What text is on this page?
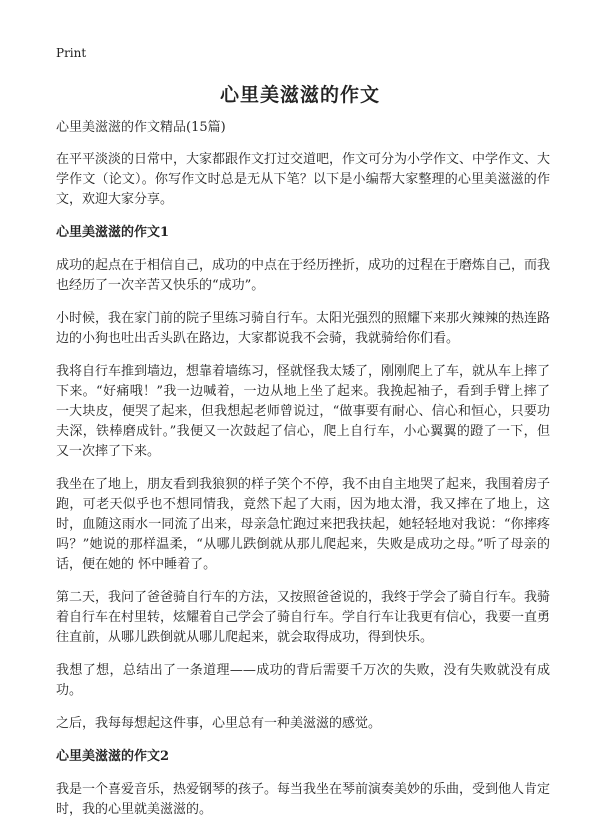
Print
心里美滋滋的作文

心里美滋滋的作文精品(15篇)

在平平淡淡的日常中，大家都跟作文打过交道吧，作文可分为小学作文、中学作文、大学作文（论文）。你写作文时总是无从下笔？以下是小编帮大家整理的心里美滋滋的作文，欢迎大家分享。

心里美滋滋的作文1

成功的起点在于相信自己，成功的中点在于经历挫折，成功的过程在于磨炼自己，而我也经历了一次辛苦又快乐的“成功”。

小时候，我在家门前的院子里练习骑自行车。太阳光强烈的照耀下来那火辣辣的热连路边的小狗也吐出舌头趴在路边，大家都说我不会骑，我就骑给你们看。

我将自行车推到墙边，想靠着墙练习，怪就怪我太矮了，刚刚爬上了车，就从车上摔了下来。“好痛哦！”我一边喊着，一边从地上坐了起来。我挽起袖子，看到手臂上摔了一大块皮，便哭了起来，但我想起老师曾说过，“做事要有耐心、信心和恒心，只要功夫深，铁棒磨成针。”我便又一次鼓起了信心，爬上自行车，小心翼翼的蹬了一下，但又一次摔了下来。

我坐在了地上，朋友看到我狼狈的样子笑个不停，我不由自主地哭了起来，我围着房子跑，可老天似乎也不想同情我，竟然下起了大雨，因为地太滑，我又摔在了地上，这时，血随这雨水一同流了出来，母亲急忙跑过来把我扶起，她轻轻地对我说：“你摔疼吗？”她说的那样温柔，“从哪儿跌倒就从那儿爬起来，失败是成功之母。”听了母亲的话，便在她的 怀中睡着了。

第二天，我问了爸爸骑自行车的方法，又按照爸爸说的，我终于学会了骑自行车。我骑着自行车在村里转，炫耀着自己学会了骑自行车。学自行车让我更有信心，我要一直勇往直前，从哪儿跌倒就从哪儿爬起来，就会取得成功，得到快乐。

我想了想，总结出了一条道理——成功的背后需要千万次的失败，没有失败就没有成功。

之后，我每每想起这件事，心里总有一种美滋滋的感觉。

心里美滋滋的作文2

我是一个喜爱音乐，热爱钢琴的孩子。每当我坐在琴前演奏美妙的乐曲，受到他人肯定时，我的心里就美滋滋的。
